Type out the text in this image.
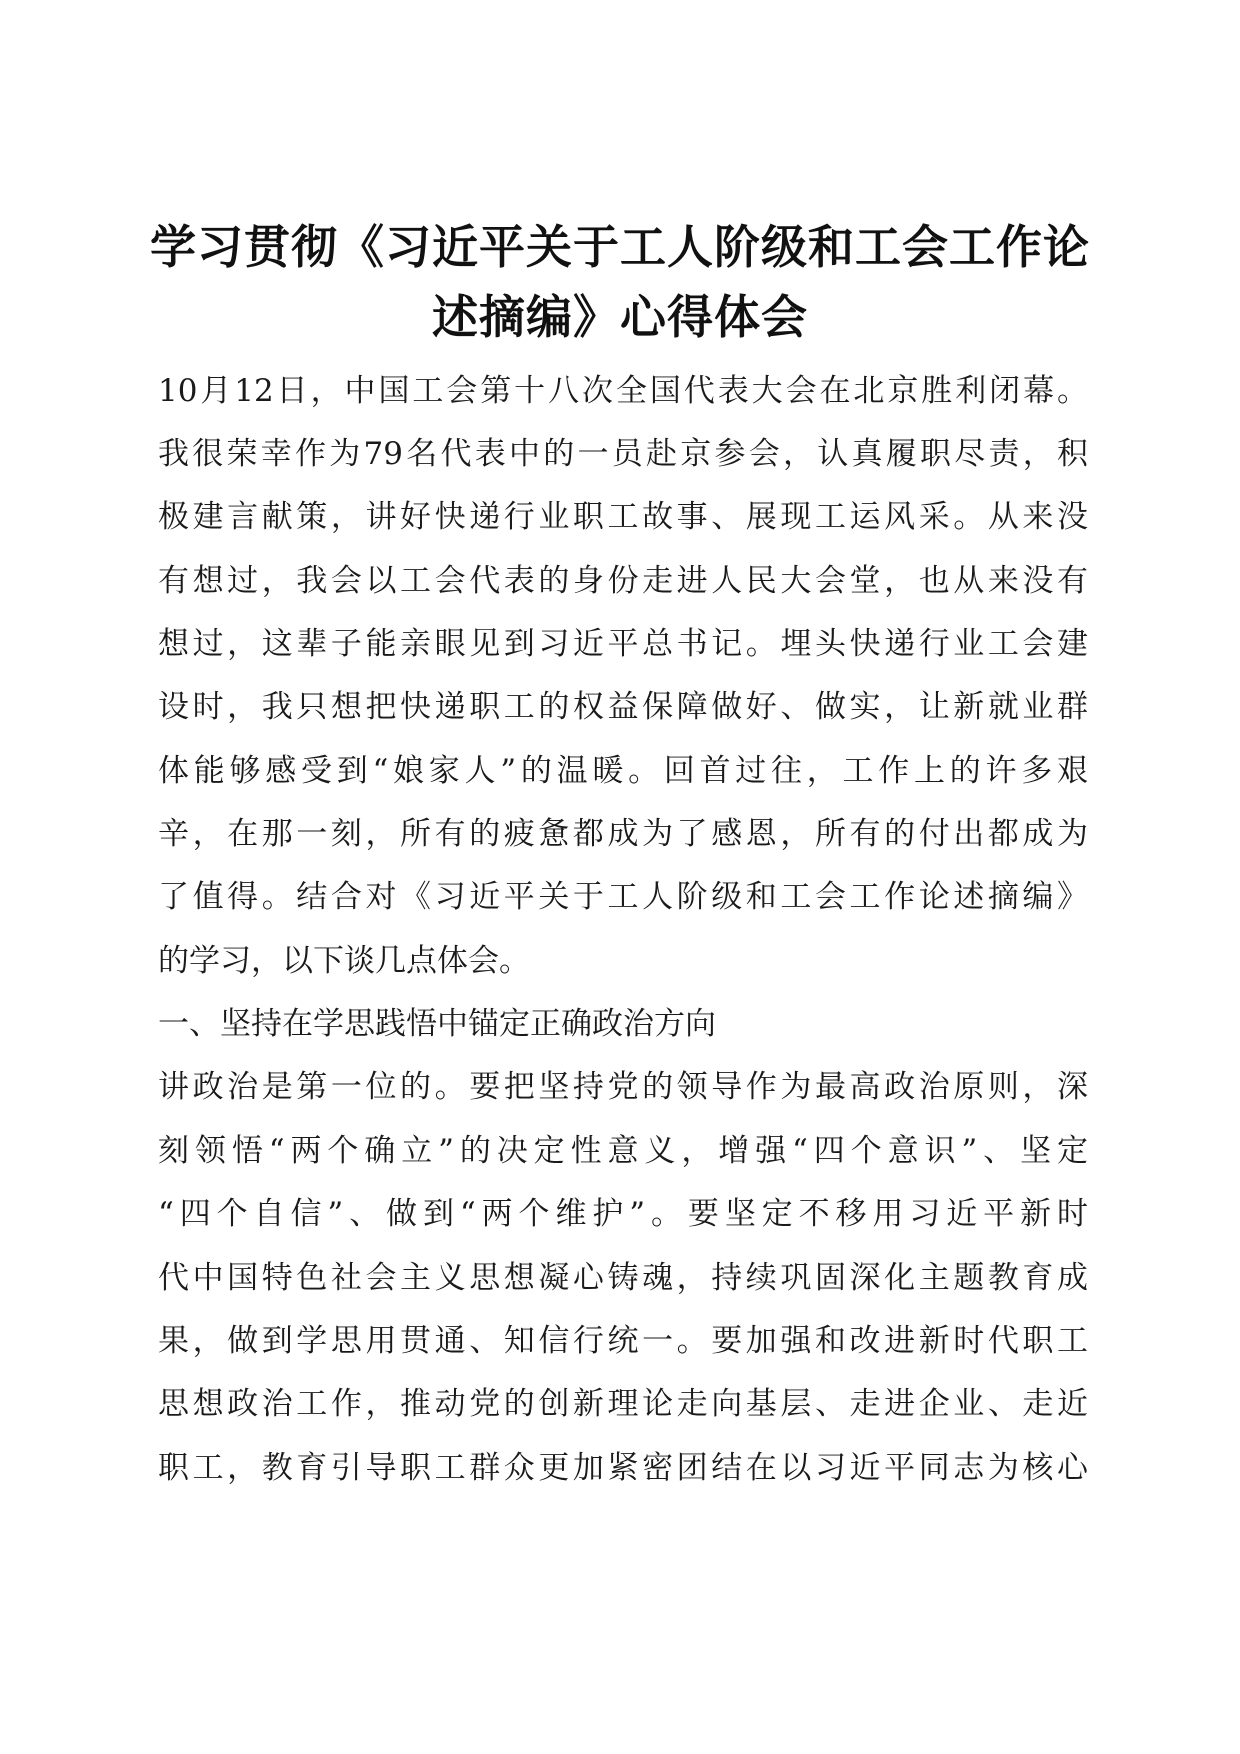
学习贯彻《习近平关于工人阶级和工会工作论
述摘编》心得体会

10月12日，中国工会第十八次全国代表大会在北京胜利闭幕。

我很荣幸作为79名代表中的一员赴京参会，认真履职尽责，积

极建言献策，讲好快递行业职工故事、展现工运风采。从来没

有想过，我会以工会代表的身份走进人民大会堂，也从来没有

想过，这辈子能亲眼见到习近平总书记。埋头快递行业工会建

设时，我只想把快递职工的权益保障做好、做实，让新就业群

体能够感受到“娘家人”的温暖。回首过往，工作上的许多艰

辛，在那一刻，所有的疲惫都成为了感恩，所有的付出都成为

了值得。结合对《习近平关于工人阶级和工会工作论述摘编》

的学习，以下谈几点体会。

一、坚持在学思践悟中锚定正确政治方向

讲政治是第一位的。要把坚持党的领导作为最高政治原则，深

刻领悟“两个确立”的决定性意义，增强“四个意识”、坚定

“四个自信”、做到“两个维护”。要坚定不移用习近平新时

代中国特色社会主义思想凝心铸魂，持续巩固深化主题教育成

果，做到学思用贯通、知信行统一。要加强和改进新时代职工

思想政治工作，推动党的创新理论走向基层、走进企业、走近

职工，教育引导职工群众更加紧密团结在以习近平同志为核心
